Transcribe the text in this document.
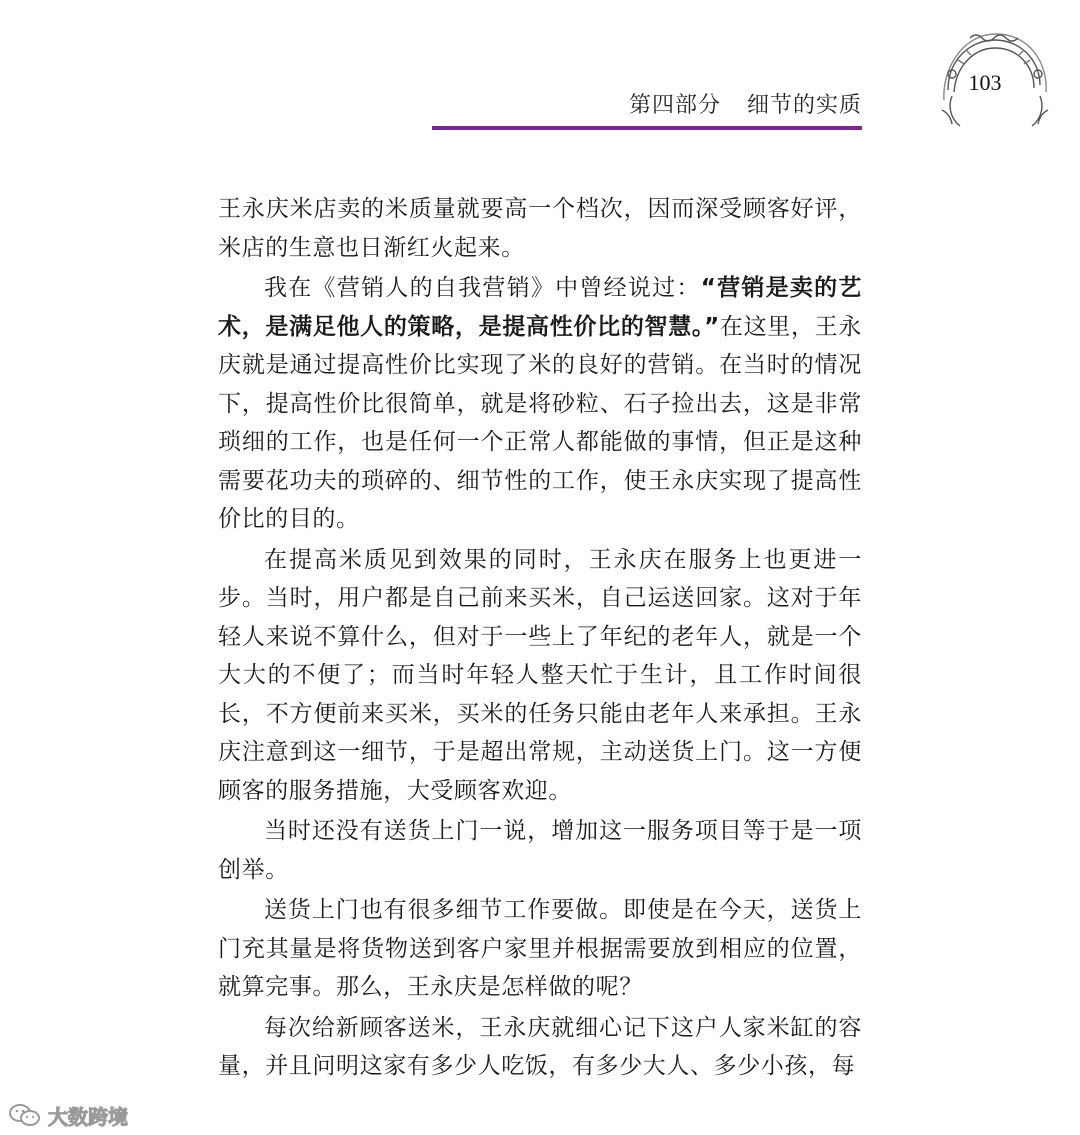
第四部分 细节的实质
103

王永庆米店卖的米质量就要高一个档次，因而深受顾客好评，米店的生意也日渐红火起来。

我在《营销人的自我营销》中曾经说过：“营销是卖的艺术，是满足他人的策略，是提高性价比的智慧。”在这里，王永庆就是通过提高性价比实现了米的良好的营销。在当时的情况下，提高性价比很简单，就是将砂粒、石子捡出去，这是非常琐细的工作，也是任何一个正常人都能做的事情，但正是这种需要花功夫的琐碎的、细节性的工作，使王永庆实现了提高性价比的目的。

在提高米质见到效果的同时，王永庆在服务上也更进一步。当时，用户都是自己前来买米，自己运送回家。这对于年轻人来说不算什么，但对于一些上了年纪的老年人，就是一个大大的不便了；而当时年轻人整天忙于生计，且工作时间很长，不方便前来买米，买米的任务只能由老年人来承担。王永庆注意到这一细节，于是超出常规，主动送货上门。这一方便顾客的服务措施，大受顾客欢迎。

当时还没有送货上门一说，增加这一服务项目等于是一项创举。

送货上门也有很多细节工作要做。即使是在今天，送货上门充其量是将货物送到客户家里并根据需要放到相应的位置，就算完事。那么，王永庆是怎样做的呢？

每次给新顾客送米，王永庆就细心记下这户人家米缸的容量，并且问明这家有多少人吃饭，有多少大人、多少小孩，每

大数跨境
